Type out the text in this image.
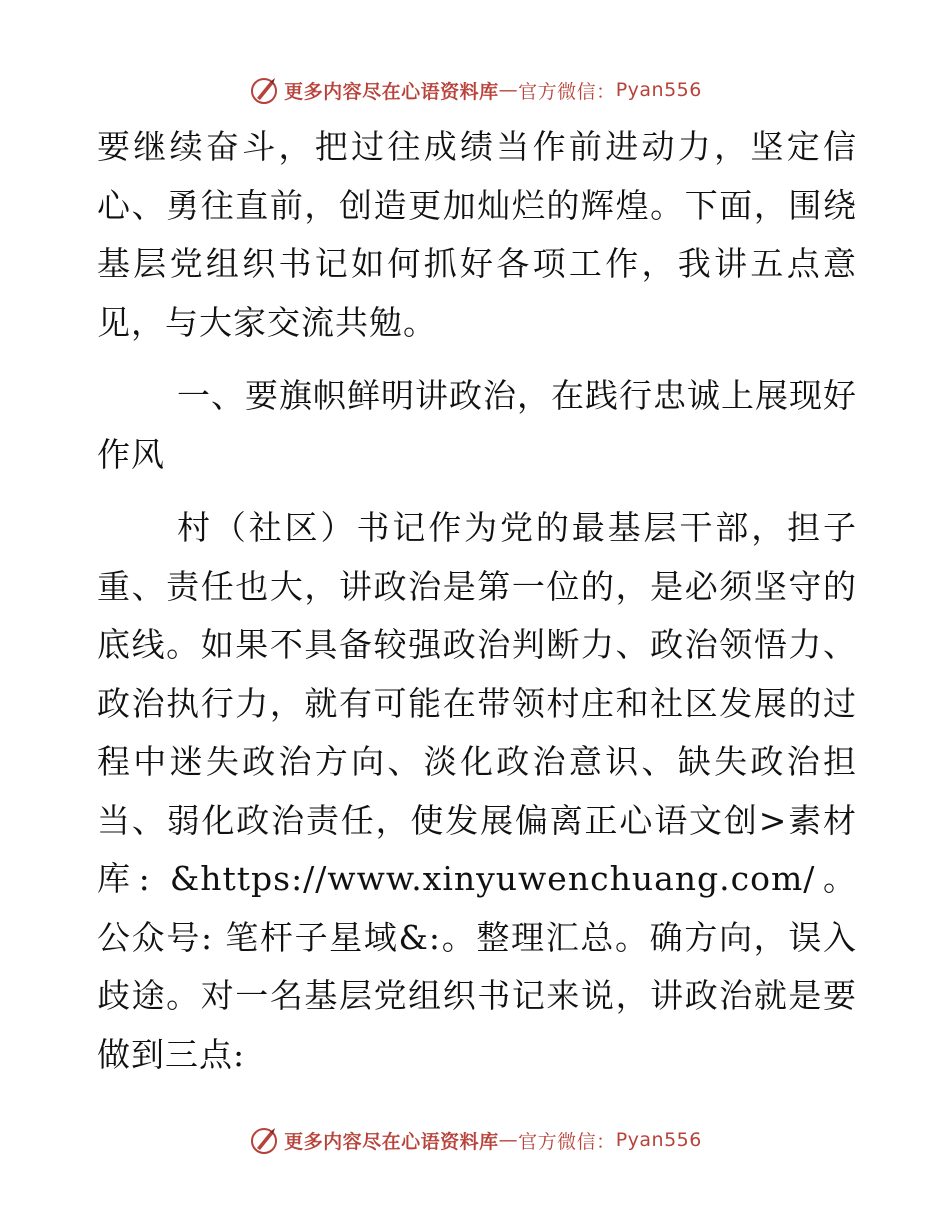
更多内容尽在心语资料库 — 官方微信： Pyan556

要继续奋斗，把过往成绩当作前进动力，坚定信心、勇往直前，创造更加灿烂的辉煌。下面，围绕基层党组织书记如何抓好各项工作，我讲五点意见，与大家交流共勉。

一、要旗帜鲜明讲政治，在践行忠诚上展现好作风

村（社区）书记作为党的最基层干部，担子重、责任也大，讲政治是第一位的，是必须坚守的底线。如果不具备较强政治判断力、政治领悟力、政治执行力，就有可能在带领村庄和社区发展的过程中迷失政治方向、淡化政治意识、缺失政治担当、弱化政治责任，使发展偏离正心语文创>素材库: &https://www.xinyuwenchuang.com/。公众号: 笔杆子星域&:。整理汇总。确方向，误入歧途。对一名基层党组织书记来说，讲政治就是要做到三点:

更多内容尽在心语资料库 — 官方微信： Pyan556
